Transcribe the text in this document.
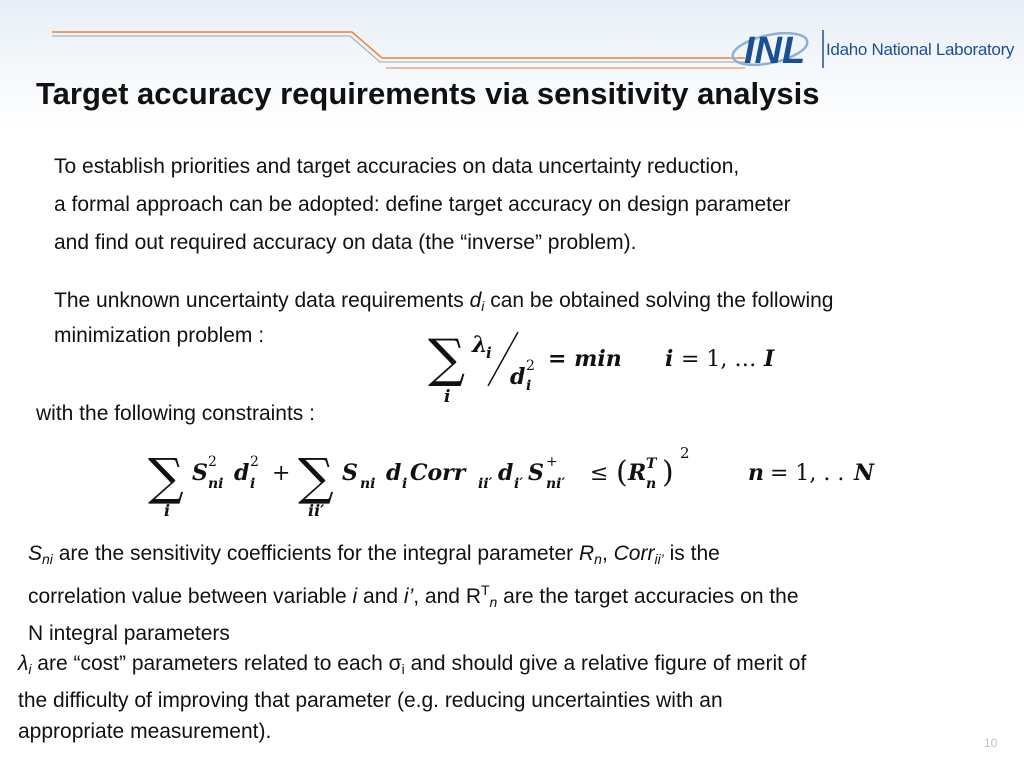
INL Idaho National Laboratory
Target accuracy requirements via sensitivity analysis
To establish priorities and target accuracies on data uncertainty reduction,
a formal approach can be adopted: define target accuracy on design parameter
and find out required accuracy on data (the “inverse” problem).
The unknown uncertainty data requirements $d_i$ can be obtained solving the following
minimization problem :	∑
i
λ
i
d 2
i
= min i = 1, … I
with the following constraints :
∑
i
S 2
ni d 2
i + ∑
ii′
S ni d i Corr ii′ d i′ S +
ni′ ≤ ( R T
n )
2
n = 1, . . N
$S_{ni}$ are the sensitivity coefficients for the integral parameter $R_n$, Corr$_{ii’}$ is the
correlation value between variable i and i’, and $R^T_n$ are the target accuracies on the
N integral parameters
$\lambda_i$ are “cost” parameters related to each $\sigma_i$ and should give a relative figure of merit of
the difficulty of improving that parameter (e.g. reducing uncertainties with an
appropriate measurement).	10
